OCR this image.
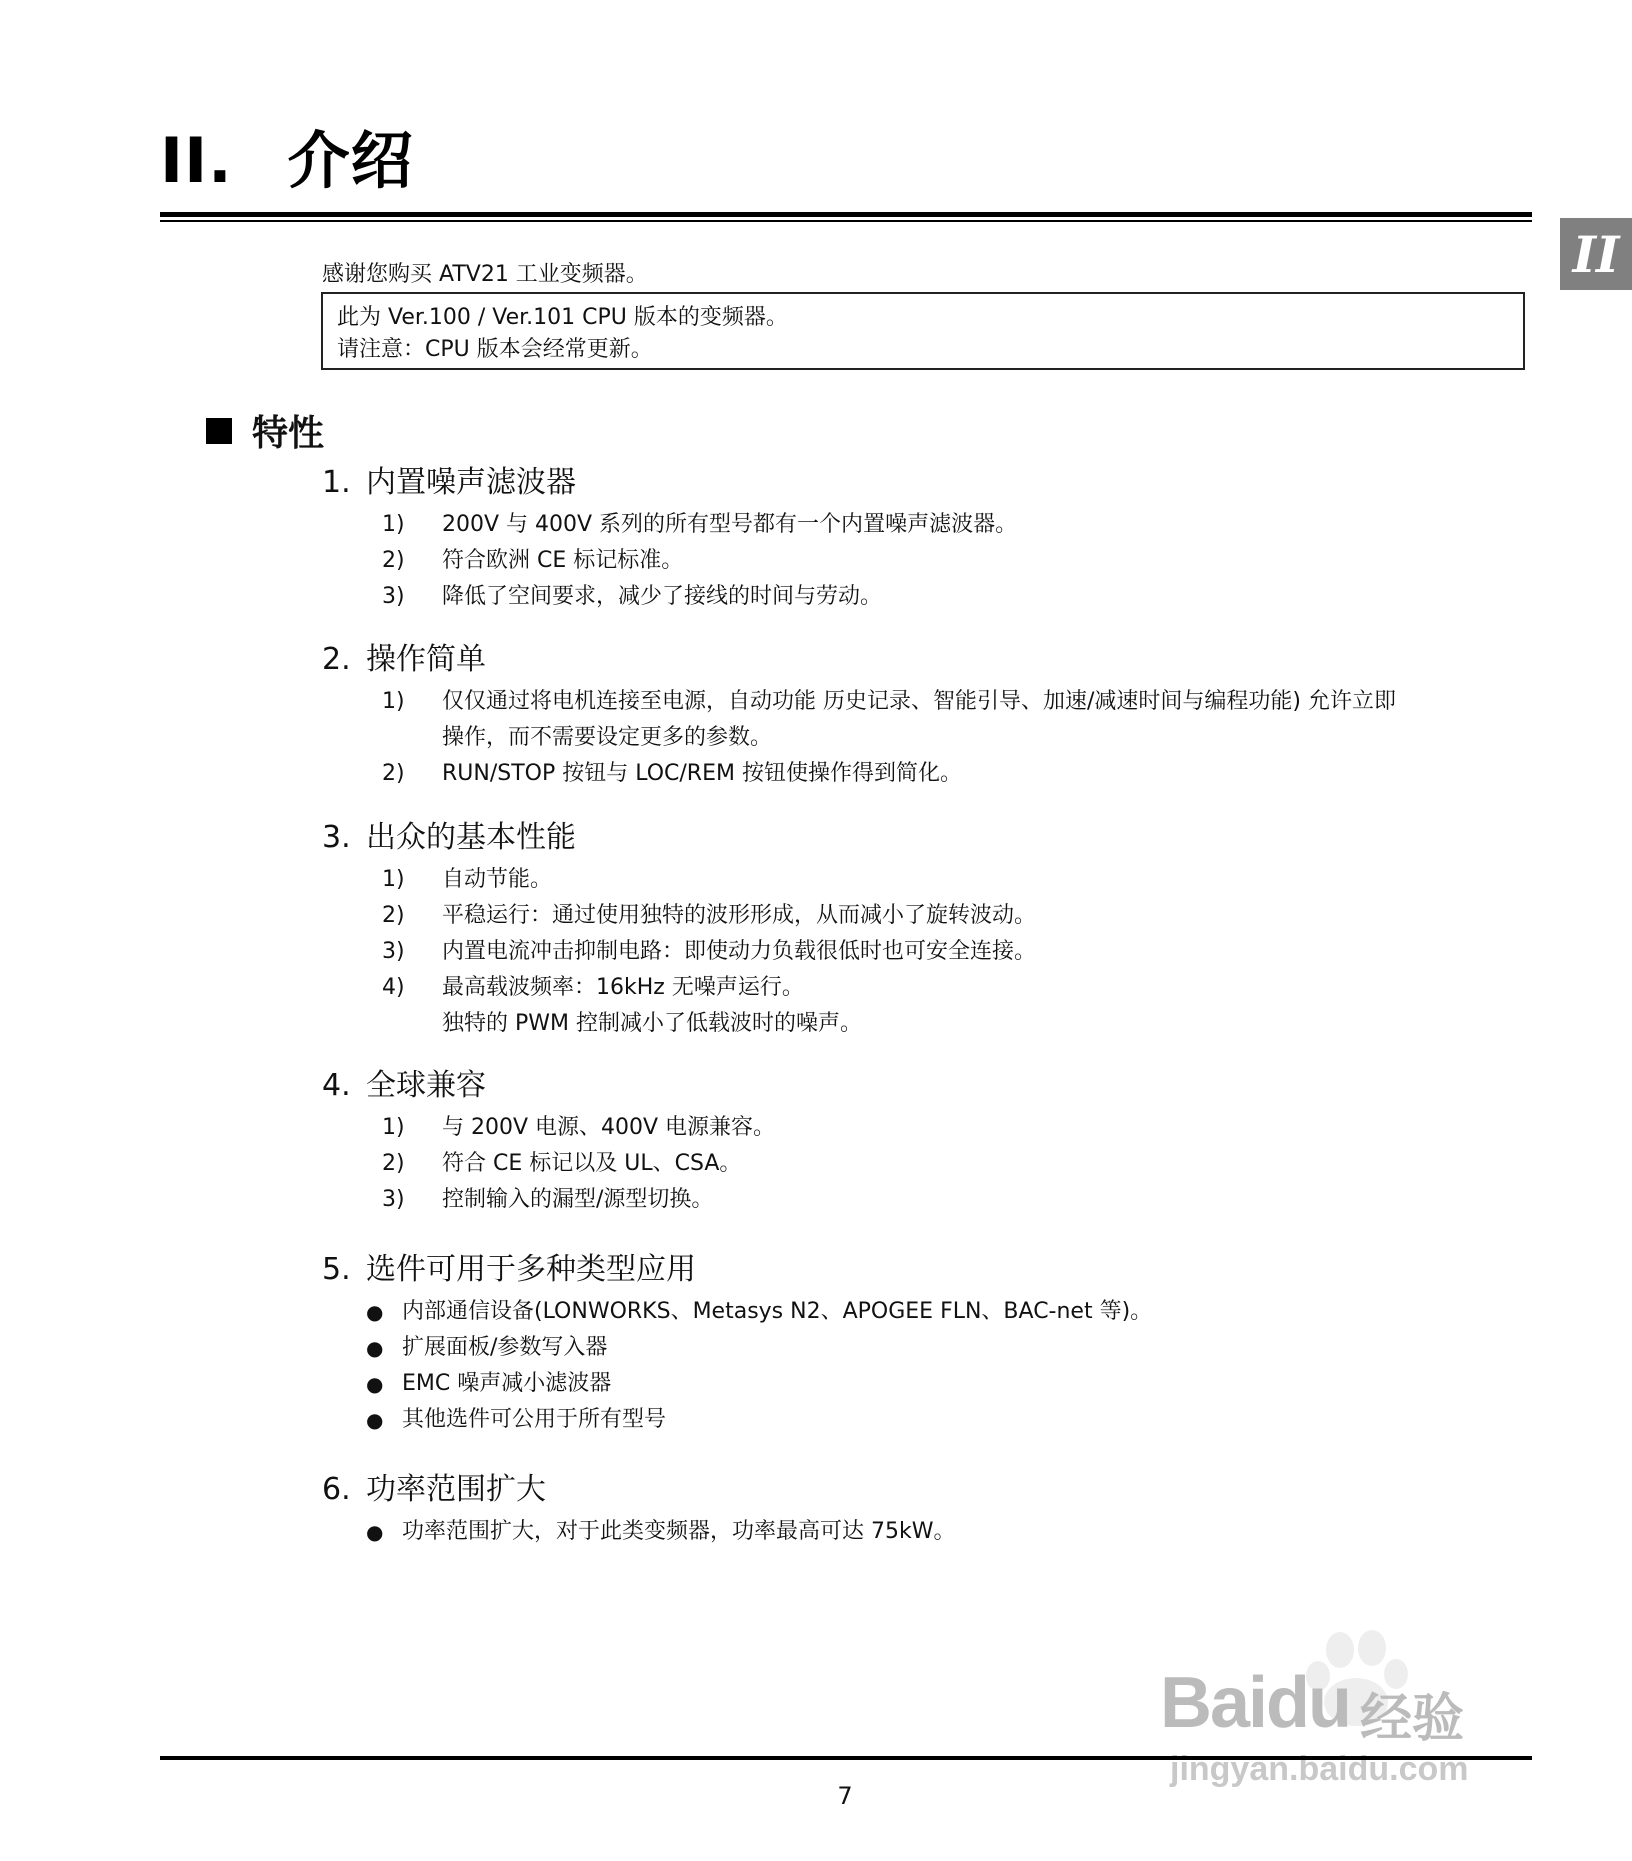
II. 介绍
II
感谢您购买 ATV21 工业变频器。
此为 Ver.100 / Ver.101 CPU 版本的变频器。
请注意：CPU 版本会经常更新。
特性
1. 内置噪声滤波器
1) 200V 与 400V 系列的所有型号都有一个内置噪声滤波器。
2) 符合欧洲 CE 标记标准。
3) 降低了空间要求，减少了接线的时间与劳动。
2. 操作简单
1) 仅仅通过将电机连接至电源，自动功能 历史记录、智能引导、加速/减速时间与编程功能) 允许立即
操作，而不需要设定更多的参数。
2) RUN/STOP 按钮与 LOC/REM 按钮使操作得到简化。
3. 出众的基本性能
1) 自动节能。
2) 平稳运行：通过使用独特的波形形成，从而减小了旋转波动。
3) 内置电流冲击抑制电路：即使动力负载很低时也可安全连接。
4) 最高载波频率：16kHz 无噪声运行。
独特的 PWM 控制减小了低载波时的噪声。
4. 全球兼容
1) 与 200V 电源、400V 电源兼容。
2) 符合 CE 标记以及 UL、CSA。
3) 控制输入的漏型/源型切换。
5. 选件可用于多种类型应用
● 内部通信设备(LONWORKS、Metasys N2、APOGEE FLN、BAC-net 等)。
● 扩展面板/参数写入器
● EMC 噪声减小滤波器
● 其他选件可公用于所有型号
6. 功率范围扩大
● 功率范围扩大，对于此类变频器，功率最高可达 75kW。
Baidu 经验
jingyan.baidu.com
7
